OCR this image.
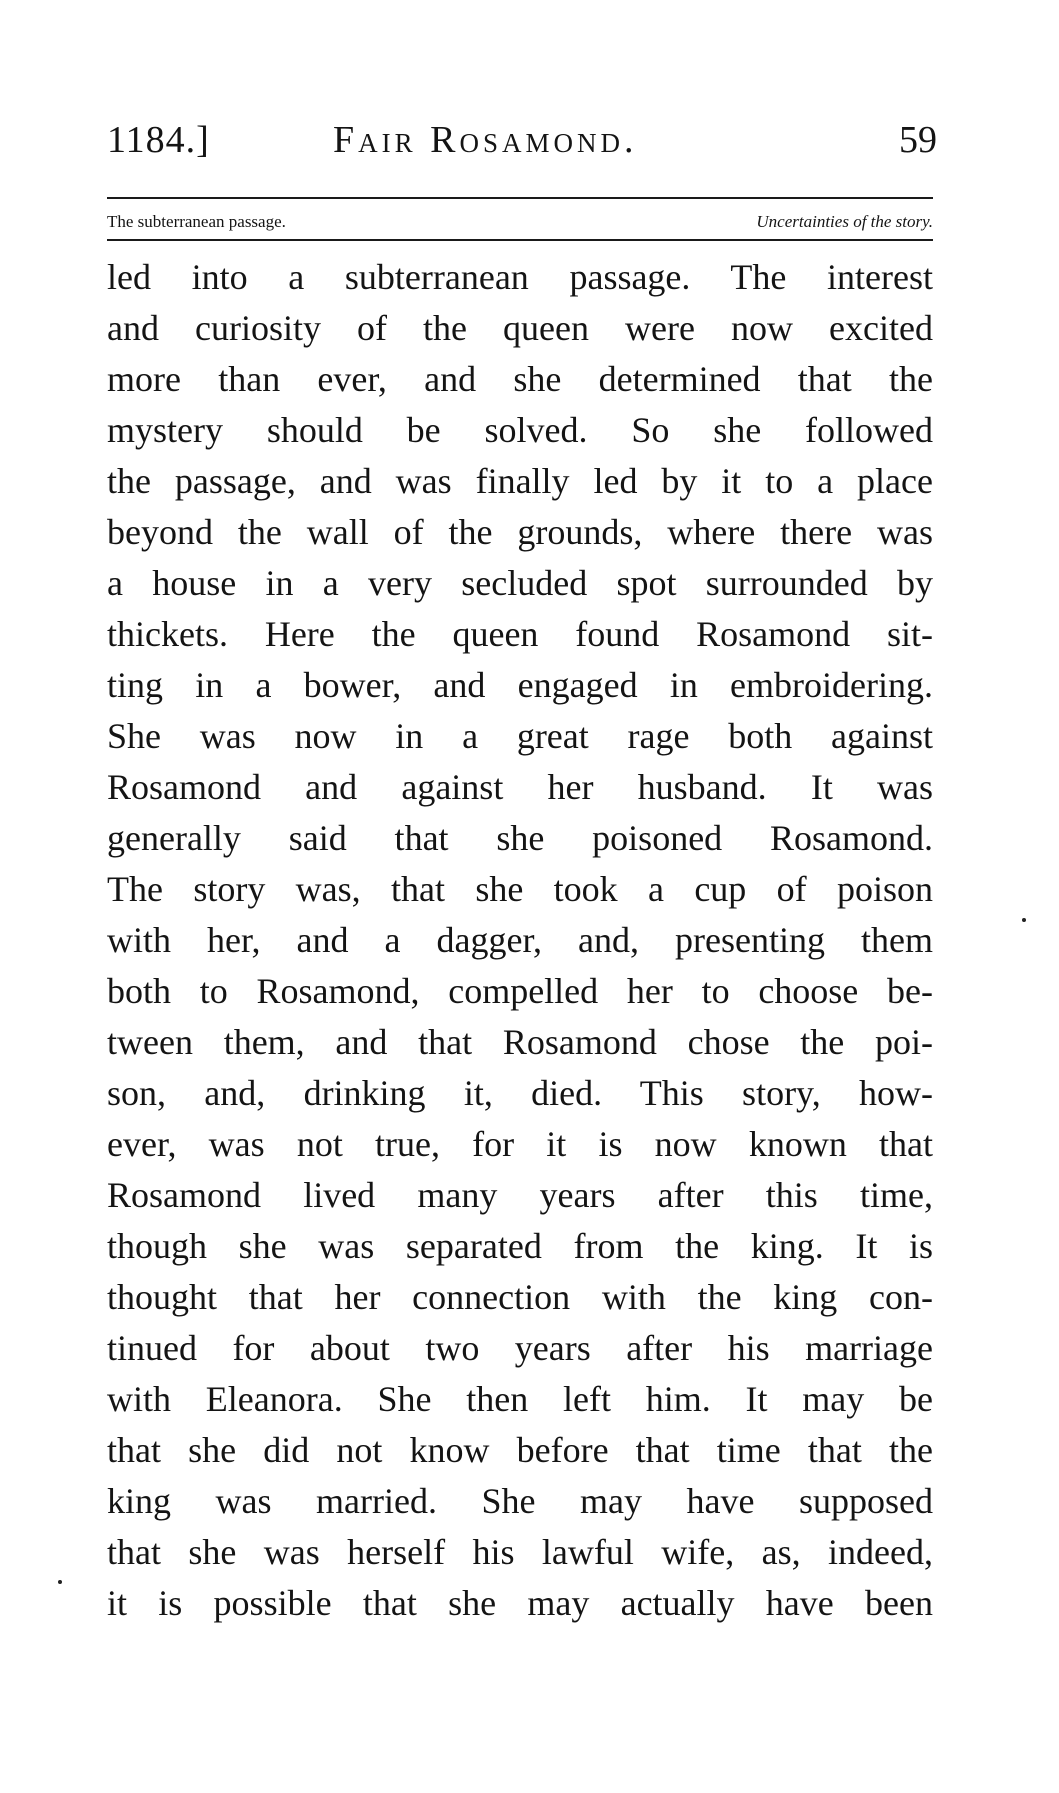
1184.]	Fair Rosamond.	59
The subterranean passage.	Uncertainties of the story.
led into a subterranean passage. The interest
and curiosity of the queen were now excited
more than ever, and she determined that the
mystery should be solved. So she followed
the passage, and was finally led by it to a place
beyond the wall of the grounds, where there was
a house in a very secluded spot surrounded by
thickets. Here the queen found Rosamond sit-
ting in a bower, and engaged in embroidering.
She was now in a great rage both against
Rosamond and against her husband. It was
generally said that she poisoned Rosamond.
The story was, that she took a cup of poison
with her, and a dagger, and, presenting them
both to Rosamond, compelled her to choose be-
tween them, and that Rosamond chose the poi-
son, and, drinking it, died. This story, how-
ever, was not true, for it is now known that
Rosamond lived many years after this time,
though she was separated from the king. It is
thought that her connection with the king con-
tinued for about two years after his marriage
with Eleanora. She then left him. It may be
that she did not know before that time that the
king was married. She may have supposed
that she was herself his lawful wife, as, indeed,
it is possible that she may actually have been
